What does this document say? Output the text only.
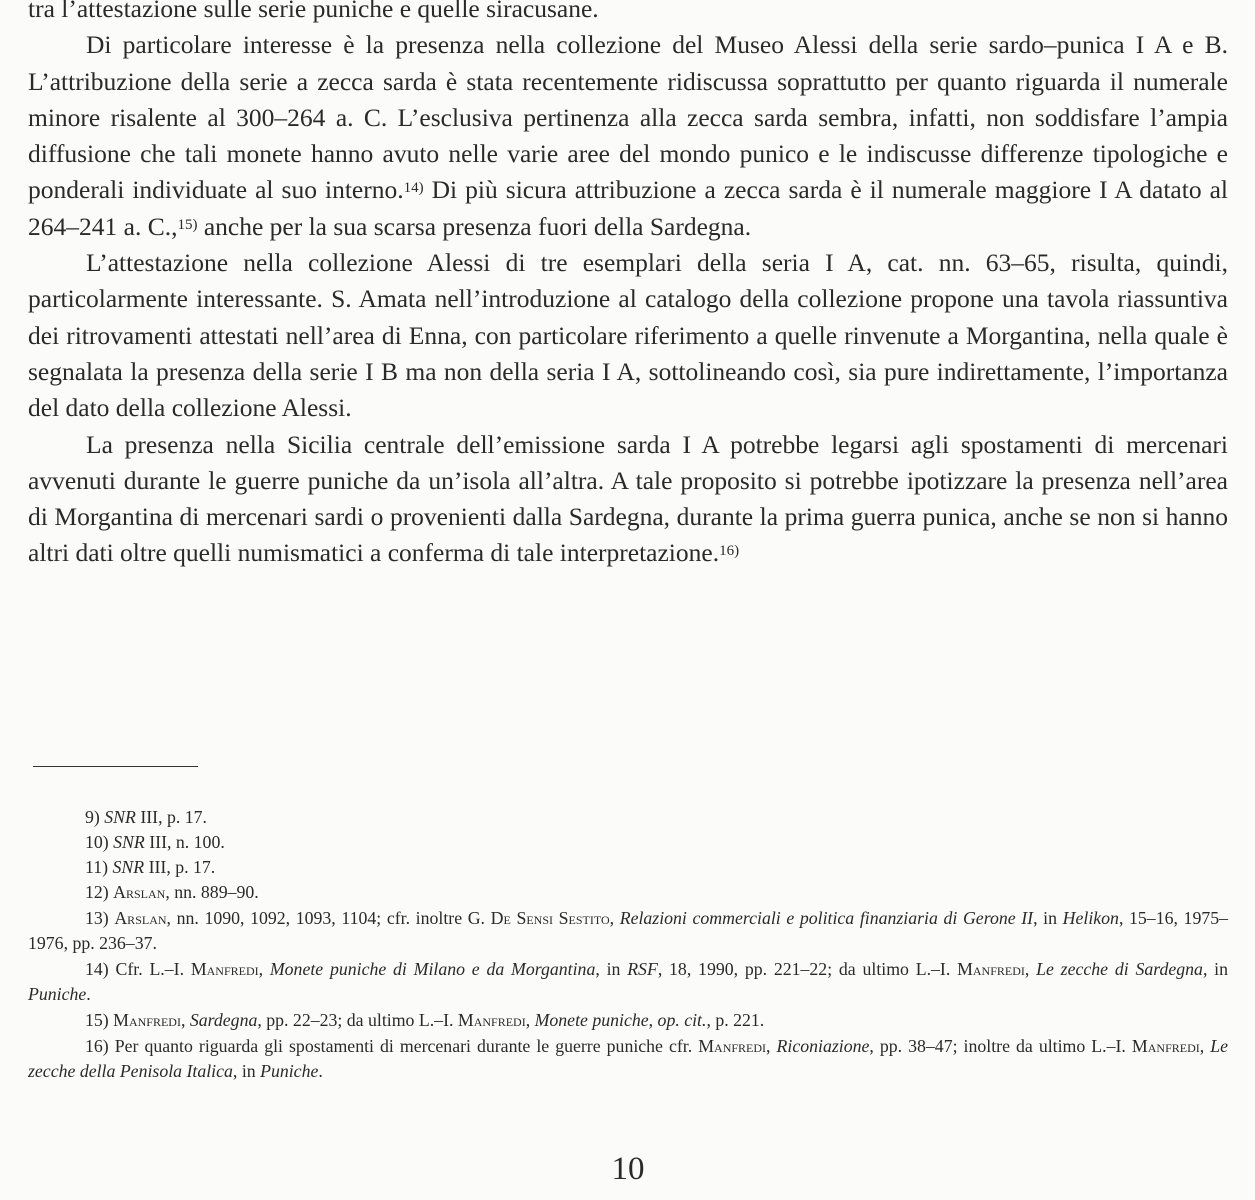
tra l’attestazione sulle serie puniche e quelle siracusane.

Di particolare interesse è la presenza nella collezione del Museo Alessi della serie sardo–punica I A e B. L’attribuzione della serie a zecca sarda è stata recentemente ridiscussa soprattutto per quanto riguarda il numerale minore risalente al 300–264 a. C. L’esclusiva pertinenza alla zecca sarda sembra, infatti, non soddisfare l’ampia diffusione che tali monete hanno avuto nelle varie aree del mondo punico e le indiscusse differenze tipologiche e ponderali individuate al suo interno.$^{14)}$ Di più sicura attribuzione a zecca sarda è il numerale maggiore I A datato al 264–241 a. C.,$^{15)}$ anche per la sua scarsa presenza fuori della Sardegna.

L’attestazione nella collezione Alessi di tre esemplari della seria I A, cat. nn. 63–65, risulta, quindi, particolarmente interessante. S. Amata nell’introduzione al catalogo della collezione propone una tavola riassuntiva dei ritrovamenti attestati nell’area di Enna, con particolare riferimento a quelle rinvenute a Morgantina, nella quale è segnalata la presenza della serie I B ma non della seria I A, sottolineando così, sia pure indirettamente, l’importanza del dato della collezione Alessi.

La presenza nella Sicilia centrale dell’emissione sarda I A potrebbe legarsi agli spostamenti di mercenari avvenuti durante le guerre puniche da un’isola all’altra. A tale proposito si potrebbe ipotizzare la presenza nell’area di Morgantina di mercenari sardi o provenienti dalla Sardegna, durante la prima guerra punica, anche se non si hanno altri dati oltre quelli numismatici a conferma di tale interpretazione.$^{16)}$

9) SNR III, p. 17.

10) SNR III, n. 100.

11) SNR III, p. 17.

12) Arslan, nn. 889–90.

13) Arslan, nn. 1090, 1092, 1093, 1104; cfr. inoltre G. De Sensi Sestito, Relazioni commerciali e politica finanziaria di Gerone II, in Helikon, 15–16, 1975–1976, pp. 236–37.

14) Cfr. L.–I. Manfredi, Monete puniche di Milano e da Morgantina, in RSF, 18, 1990, pp. 221–22; da ultimo L.–I. Manfredi, Le zecche di Sardegna, in Puniche.

15) Manfredi, Sardegna, pp. 22–23; da ultimo L.–I. Manfredi, Monete puniche, op. cit., p. 221.

16) Per quanto riguarda gli spostamenti di mercenari durante le guerre puniche cfr. Manfredi, Riconiazione, pp. 38–47; inoltre da ultimo L.–I. Manfredi, Le zecche della Penisola Italica, in Puniche.

10
